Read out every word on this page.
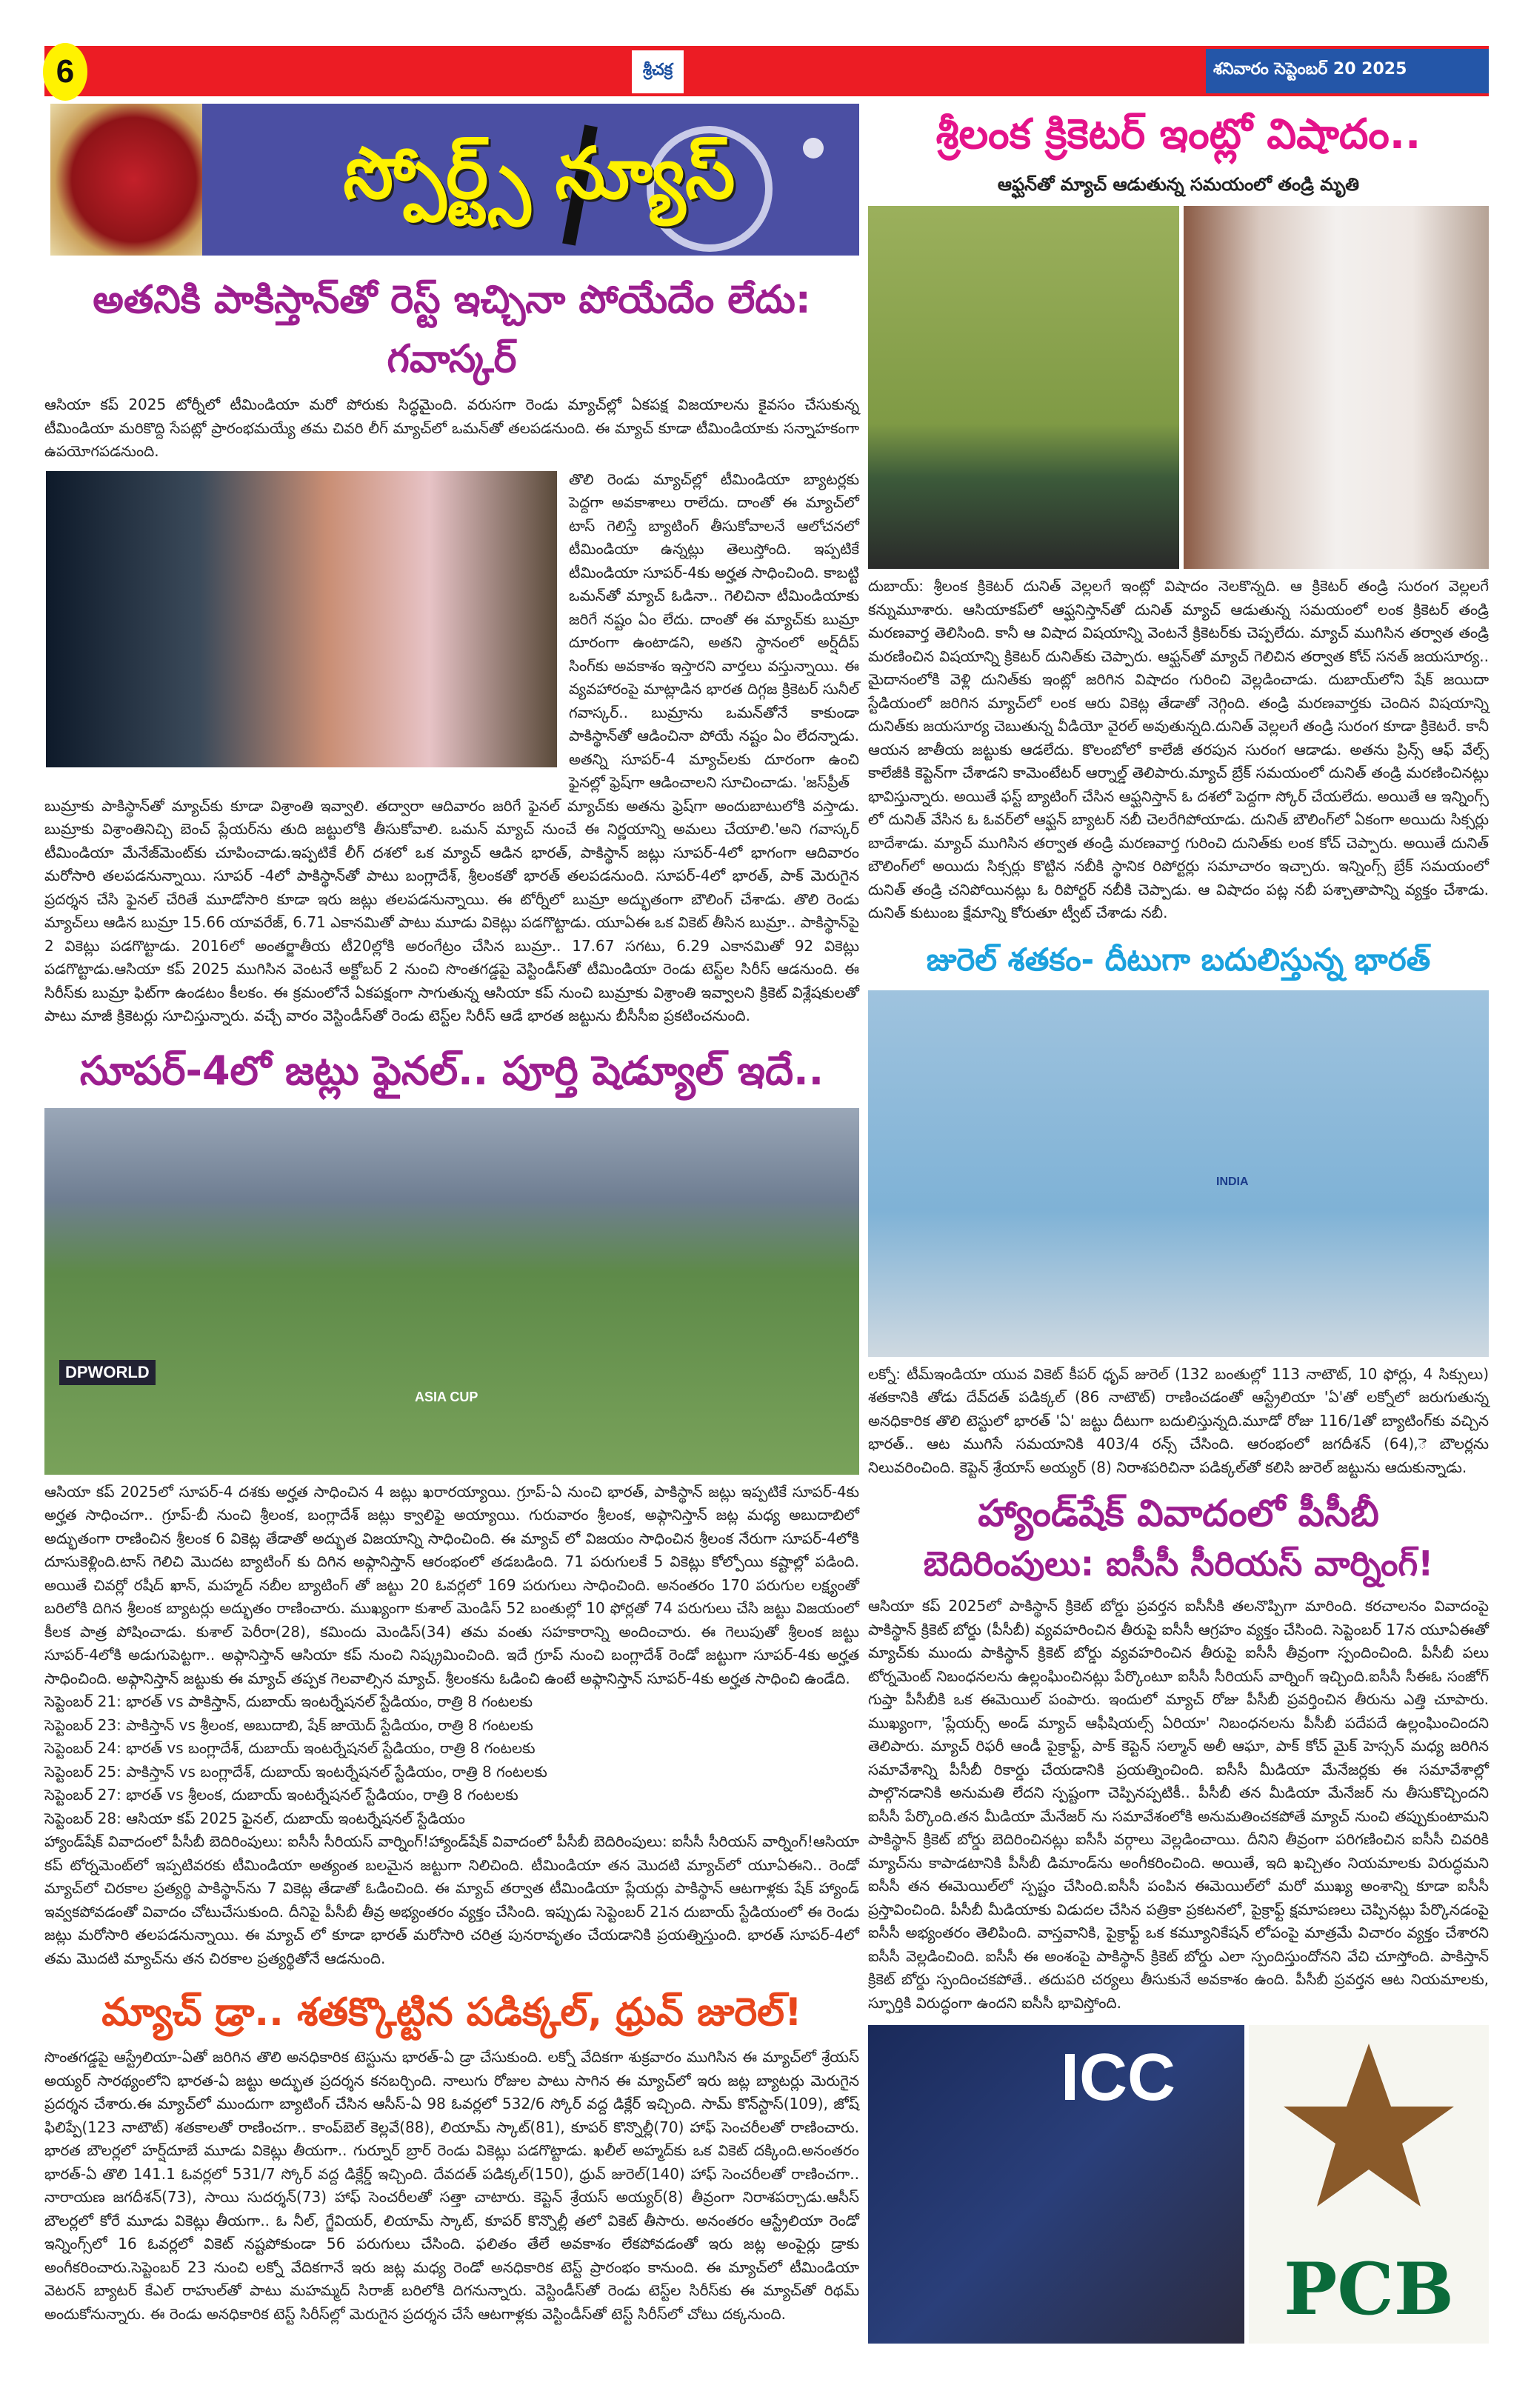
6	శ్రీచక్ర	శనివారం సెప్టెంబర్ 20 2025
స్పోర్ట్స్ న్యూస్
అతనికి పాకిస్తాన్‌తో రెస్ట్ ఇచ్చినా పోయేదేం లేదు: గవాస్కర్

ఆసియా కప్ 2025 టోర్నీలో టీమిండియా మరో పోరుకు సిద్ధమైంది. వరుసగా రెండు మ్యాచ్‌ల్లో ఏకపక్ష విజయాలను కైవసం చేసుకున్న టీమిండియా మరికొద్ది సేపట్లో ప్రారంభమయ్యే తమ చివరి లీగ్ మ్యాచ్‌లో ఒమన్‌తో తలపడనుంది. ఈ మ్యాచ్ కూడా టీమిండియాకు సన్నాహకంగా ఉపయోగపడనుంది.

తొలి రెండు మ్యాచ్‌ల్లో టీమిండియా బ్యాటర్లకు పెద్దగా అవకాశాలు రాలేదు. దాంతో ఈ మ్యాచ్‌లో టాస్ గెలిస్తే బ్యాటింగ్ తీసుకోవాలనే ఆలోచనలో టీమిండియా ఉన్నట్లు తెలుస్తోంది. ఇప్పటికే టీమిండియా సూపర్-4కు అర్హత సాధించింది. కాబట్టి ఒమన్‌తో మ్యాచ్ ఓడినా.. గెలిచినా టీమిండియాకు జరిగే నష్టం ఏం లేదు. దాంతో ఈ మ్యాచ్‌కు బుమ్రా దూరంగా ఉంటాడని, అతని స్థానంలో అర్ష్‌దీప్ సింగ్‌కు అవకాశం ఇస్తారని వార్తలు వస్తున్నాయి. ఈ వ్యవహారంపై మాట్లాడిన భారత దిగ్గజ క్రికెటర్ సునీల్ గవాస్కర్.. బుమ్రాను ఒమన్‌తోనే కాకుండా పాకిస్థాన్‌తో ఆడించినా పోయే నష్టం ఏం లేదన్నాడు. అతన్ని సూపర్-4 మ్యాచ్‌లకు దూరంగా ఉంచి ఫైనల్లో ఫ్రెష్‌గా ఆడించాలని సూచించాడు. 'జస్‌ప్రీత్

బుమ్రాకు పాకిస్థాన్‌తో మ్యాచ్‌కు కూడా విశ్రాంతి ఇవ్వాలి. తద్వారా ఆదివారం జరిగే ఫైనల్ మ్యాచ్‌కు అతను ఫ్రెష్‌గా అందుబాటులోకి వస్తాడు. బుమ్రాకు విశ్రాంతినిచ్చి బెంచ్ ప్లేయర్‌ను తుది జట్టులోకి తీసుకోవాలి. ఒమన్ మ్యాచ్ నుంచే ఈ నిర్ణయాన్ని అమలు చేయాలి.'అని గవాస్కర్ టీమిండియా మేనేజ్‌మెంట్‌కు చూపించాడు.ఇప్పటికే లీగ్ దశలో ఒక మ్యాచ్ ఆడిన భారత్, పాకిస్థాన్ జట్లు సూపర్-4లో భాగంగా ఆదివారం మరోసారి తలపడనున్నాయి. సూపర్ -4లో పాకిస్థాన్‌తో పాటు బంగ్లాదేశ్, శ్రీలంకతో భారత్ తలపడనుంది. సూపర్-4లో భారత్, పాక్ మెరుగైన ప్రదర్శన చేసి ఫైనల్ చేరితే మూడోసారి కూడా ఇరు జట్లు తలపడనున్నాయి. ఈ టోర్నీలో బుమ్రా అద్భుతంగా బౌలింగ్ చేశాడు. తొలి రెండు మ్యాచ్‌లు ఆడిన బుమ్రా 15.66 యావరేజ్, 6.71 ఎకానమితో పాటు మూడు వికెట్లు పడగొట్టాడు. యూఏఈ ఒక వికెట్ తీసిన బుమ్రా.. పాకిస్థాన్‌పై 2 వికెట్లు పడగొట్టాడు. 2016లో అంతర్జాతీయ టీ20ల్లోకి అరంగేట్రం చేసిన బుమ్రా.. 17.67 సగటు, 6.29 ఎకానమితో 92 వికెట్లు పడగొట్టాడు.ఆసియా కప్ 2025 ముగిసిన వెంటనే అక్టోబర్ 2 నుంచి సొంతగడ్డపై వెస్టిండీస్‌తో టీమిండియా రెండు టెస్ట్‌ల సిరీస్ ఆడనుంది. ఈ సిరీస్‌కు బుమ్రా ఫిట్‌గా ఉండటం కీలకం. ఈ క్రమంలోనే ఏకపక్షంగా సాగుతున్న ఆసియా కప్ నుంచి బుమ్రాకు విశ్రాంతి ఇవ్వాలని క్రికెట్ విశ్లేషకులతో పాటు మాజీ క్రికెటర్లు సూచిస్తున్నారు. వచ్చే వారం వెస్టిండీస్‌తో రెండు టెస్ట్‌ల సిరీస్ ఆడే భారత జట్టును బీసీసీఐ ప్రకటించనుంది.

సూపర్-4లో జట్లు ఫైనల్.. పూర్తి షెడ్యూల్ ఇదే..
DPWORLD
ASIA CUP

ఆసియా కప్ 2025లో సూపర్-4 దశకు అర్హత సాధించిన 4 జట్లు ఖరారయ్యాయి. గ్రూప్-ఏ నుంచి భారత్, పాకిస్థాన్ జట్లు ఇప్పటికే సూపర్-4కు అర్హత సాధించగా.. గ్రూప్-బీ నుంచి శ్రీలంక, బంగ్లాదేశ్ జట్లు క్వాలిఫై అయ్యాయి. గురువారం శ్రీలంక, అఫ్గానిస్తాన్ జట్ల మధ్య అబుదాబిలో అద్భుతంగా రాణించిన శ్రీలంక 6 వికెట్ల తేడాతో అద్భుత విజయాన్ని సాధించింది. ఈ మ్యాచ్ లో విజయం సాధించిన శ్రీలంక నేరుగా సూపర్-4లోకి దూసుకెళ్లింది.టాస్ గెలిచి మొదట బ్యాటింగ్ కు దిగిన అఫ్గానిస్తాన్ ఆరంభంలో తడబడింది. 71 పరుగులకే 5 వికెట్లు కోల్పోయి కష్టాల్లో పడింది. అయితే చివర్లో రషీద్ ఖాన్, మహ్మద్ నబీల బ్యాటింగ్ తో జట్టు 20 ఓవర్లలో 169 పరుగులు సాధించింది. అనంతరం 170 పరుగుల లక్ష్యంతో బరిలోకి దిగిన శ్రీలంక బ్యాటర్లు అద్భుతం రాణించారు. ముఖ్యంగా కుశాల్ మెండిస్ 52 బంతుల్లో 10 ఫోర్లతో 74 పరుగులు చేసి జట్టు విజయంలో కీలక పాత్ర పోషించాడు. కుశాల్ పెరీరా(28), కమిందు మెండిస్(34) తమ వంతు సహకారాన్ని అందించారు. ఈ గెలుపుతో శ్రీలంక జట్టు సూపర్-4లోకి అడుగుపెట్టగా.. అఫ్గానిస్తాన్ ఆసియా కప్ నుంచి నిష్క్రమించింది. ఇదే గ్రూప్ నుంచి బంగ్లాదేశ్ రెండో జట్టుగా సూపర్-4కు అర్హత సాధించింది. అఫ్గానిస్తాన్ జట్టుకు ఈ మ్యాచ్ తప్పక గెలవాల్సిన మ్యాచ్. శ్రీలంకను ఓడించి ఉంటే అఫ్గానిస్తాన్ సూపర్-4కు అర్హత సాధించి ఉండేది.

సెప్టెంబర్ 21: భారత్ vs పాకిస్తాన్, దుబాయ్ ఇంటర్నేషనల్ స్టేడియం, రాత్రి 8 గంటలకు

సెప్టెంబర్ 23: పాకిస్తాన్ vs శ్రీలంక, అబుదాబి, షేక్ జాయెద్ స్టేడియం, రాత్రి 8 గంటలకు

సెప్టెంబర్ 24: భారత్ vs బంగ్లాదేశ్, దుబాయ్ ఇంటర్నేషనల్ స్టేడియం, రాత్రి 8 గంటలకు

సెప్టెంబర్ 25: పాకిస్తాన్ vs బంగ్లాదేశ్, దుబాయ్ ఇంటర్నేషనల్ స్టేడియం, రాత్రి 8 గంటలకు

సెప్టెంబర్ 27: భారత్ vs శ్రీలంక, దుబాయ్ ఇంటర్నేషనల్ స్టేడియం, రాత్రి 8 గంటలకు

సెప్టెంబర్ 28: ఆసియా కప్ 2025 ఫైనల్, దుబాయ్ ఇంటర్నేషనల్ స్టేడియం

హ్యాండ్‌షేక్ వివాదంలో పీసీబీ బెదిరింపులు: ఐసీసీ సీరియస్ వార్నింగ్!హ్యాండ్‌షేక్ వివాదంలో పీసీబీ బెదిరింపులు: ఐసీసీ సీరియస్ వార్నింగ్!ఆసియా కప్ టోర్నమెంట్‌లో ఇప్పటివరకు టీమిండియా అత్యంత బలమైన జట్టుగా నిలిచింది. టీమిండియా తన మొదటి మ్యాచ్‌లో యూఏఈని.. రెండో మ్యాచ్‌లో చిరకాల ప్రత్యర్థి పాకిస్థాన్‌ను 7 వికెట్ల తేడాతో ఓడించింది. ఈ మ్యాచ్ తర్వాత టీమిండియా ప్లేయర్లు పాకిస్థాన్ ఆటగాళ్లకు షేక్ హ్యాండ్ ఇవ్వకపోవడంతో వివాదం చోటుచేసుకుంది. దీనిపై పీసీబీ తీవ్ర అభ్యంతరం వ్యక్తం చేసింది. ఇప్పుడు సెప్టెంబర్ 21న దుబాయ్ స్టేడియంలో ఈ రెండు జట్లు మరోసారి తలపడనున్నాయి. ఈ మ్యాచ్ లో కూడా భారత్ మరోసారి చరిత్ర పునరావృతం చేయడానికి ప్రయత్నిస్తుంది. భారత్ సూపర్-4లో తమ మొదటి మ్యాచ్‌ను తన చిరకాల ప్రత్యర్థితోనే ఆడనుంది.

మ్యాచ్ డ్రా.. శతక్కొట్టిన పడిక్కల్, ధ్రువ్ జురెల్!

సొంతగడ్డపై ఆస్ట్రేలియా-ఏతో జరిగిన తొలి అనధికారిక టెస్టును భారత్-ఏ డ్రా చేసుకుంది. లక్నో వేదికగా శుక్రవారం ముగిసిన ఈ మ్యాచ్‌లో శ్రేయస్ అయ్యర్ సారథ్యంలోని భారత-ఏ జట్టు అద్భుత ప్రదర్శన కనబర్చింది. నాలుగు రోజుల పాటు సాగిన ఈ మ్యాచ్‌లో ఇరు జట్ల బ్యాటర్లు మెరుగైన ప్రదర్శన చేశారు.ఈ మ్యాచ్‌లో ముందుగా బ్యాటింగ్ చేసిన ఆసీస్-ఏ 98 ఓవర్లలో 532/6 స్కోర్ వద్ద డిక్లేర్ ఇచ్చింది. సామ్ కొన్‌స్టాస్(109), జోష్ ఫిలిప్పే(123 నాటౌట్) శతకాలతో రాణించగా.. కాంప్‌బెల్ కెల్లవే(88), లియామ్ స్కాట్(81), కూపర్ కొన్నొల్లీ(70) హాఫ్ సెంచరీలతో రాణించారు. భారత బౌలర్లలో హర్ష్‌దూబే మూడు వికెట్లు తీయగా.. గుర్నూర్ బ్రార్ రెండు వికెట్లు పడగొట్టాడు. ఖలీల్ అహ్మద్‌కు ఒక వికెట్ దక్కింది.అనంతరం భారత్-ఏ తొలి 141.1 ఓవర్లలో 531/7 స్కోర్ వద్ద డిక్లేర్డ్ ఇచ్చింది. దేవదత్ పడిక్కల్(150), ధ్రువ్ జురెల్(140) హాఫ్ సెంచరీలతో రాణించగా.. నారాయణ జగదీశన్(73), సాయి సుదర్శన్(73) హాఫ్ సెంచరీలతో సత్తా చాటారు. కెప్టెన్ శ్రేయస్ అయ్యర్(8) తీవ్రంగా నిరాశపర్చాడు.ఆసీస్ బౌలర్లలో కోరే మూడు వికెట్లు తీయగా.. ఓ నీల్, గ్జేవియర్, లియామ్ స్కాట్, కూపర్ కొన్నొల్లీ తలో వికెట్ తీసారు. అనంతరం ఆస్ట్రేలియా రెండో ఇన్నింగ్స్‌లో 16 ఓవర్లలో వికెట్ నష్టపోకుండా 56 పరుగులు చేసింది. ఫలితం తేలే అవకాశం లేకపోవడంతో ఇరు జట్ల అంపైర్లు డ్రాకు అంగీకరించారు.సెప్టెంబర్ 23 నుంచి లక్నో వేదికగానే ఇరు జట్ల మధ్య రెండో అనధికారిక టెస్ట్ ప్రారంభం కానుంది. ఈ మ్యాచ్‌లో టీమిండియా వెటరన్ బ్యాటర్ కేఎల్ రాహుల్‌తో పాటు మహమ్మద్ సిరాజ్ బరిలోకి దిగనున్నారు. వెస్టిండీస్‌తో రెండు టెస్ట్‌ల సిరీస్‌కు ఈ మ్యాచ్‌తో రిథమ్ అందుకోనున్నారు. ఈ రెండు అనధికారిక టెస్ట్ సిరీస్‌ల్లో మెరుగైన ప్రదర్శన చేసే ఆటగాళ్లకు వెస్టిండీస్‌తో టెస్ట్ సిరీస్‌లో చోటు దక్కనుంది.

శ్రీలంక క్రికెటర్ ఇంట్లో విషాదం..
ఆఫ్ఘన్‌తో మ్యాచ్ ఆడుతున్న సమయంలో తండ్రి మృతి

దుబాయ్: శ్రీలంక క్రికెటర్ దునిత్ వెల్లలగే ఇంట్లో విషాదం నెలకొన్నది. ఆ క్రికెటర్ తండ్రి సురంగ వెల్లలగే కన్నుమూశారు. ఆసియాకప్‌లో ఆఫ్ఘనిస్తాన్‌తో దునిత్ మ్యాచ్ ఆడుతున్న సమయంలో లంక క్రికెటర్ తండ్రి మరణవార్త తెలిసింది. కానీ ఆ విషాద విషయాన్ని వెంటనే క్రికెటర్‌కు చెప్పలేదు. మ్యాచ్ ముగిసిన తర్వాత తండ్రి మరణించిన విషయాన్ని క్రికెటర్ దునిత్‌కు చెప్పారు. ఆఫ్ఘన్‌తో మ్యాచ్ గెలిచిన తర్వాత కోచ్ సనత్ జయసూర్య.. మైదానంలోకి వెళ్లి దునిత్‌కు ఇంట్లో జరిగిన విషాదం గురించి వెల్లడించాడు. దుబాయ్‌లోని షేక్ జయిదా స్టేడియంలో జరిగిన మ్యాచ్‌లో లంక ఆరు వికెట్ల తేడాతో నెగ్గింది. తండ్రి మరణవార్తకు చెందిన విషయాన్ని దునిత్‌కు జయసూర్య చెబుతున్న వీడియో వైరల్ అవుతున్నది.దునిత్ వెల్లలగే తండ్రి సురంగ కూడా క్రికెటరే. కానీ ఆయన జాతీయ జట్టుకు ఆడలేదు. కొలంబోలో కాలేజీ తరపున సురంగ ఆడాడు. అతను ప్రిన్స్ ఆఫ్ వేల్స్ కాలేజీకి కెప్టెన్‌గా చేశాడని కామెంటేటర్ ఆర్నాల్డ్ తెలిపారు.మ్యాచ్ బ్రేక్ సమయంలో దునిత్ తండ్రి మరణించినట్లు భావిస్తున్నారు. అయితే ఫస్ట్ బ్యాటింగ్ చేసిన ఆఫ్ఘనిస్తాన్ ఓ దశలో పెద్దగా స్కోర్ చేయలేదు. అయితే ఆ ఇన్నింగ్స్ లో దునిత్ వేసిన ఓ ఓవర్‌లో ఆఫ్ఘన్ బ్యాటర్ నబీ చెలరేగిపోయాడు. దునిత్ బౌలింగ్‌లో ఏకంగా అయిదు సిక్సర్లు బాదేశాడు. మ్యాచ్ ముగిసిన తర్వాత తండ్రి మరణవార్త గురించి దునిత్‌కు లంక కోచ్ చెప్పారు. అయితే దునిత్ బౌలింగ్‌లో అయిదు సిక్సర్లు కొట్టిన నబీకి స్థానిక రిపోర్టర్లు సమాచారం ఇచ్చారు. ఇన్నింగ్స్ బ్రేక్ సమయంలో దునిత్ తండ్రి చనిపోయినట్లు ఓ రిపోర్టర్ నబీకి చెప్పాడు. ఆ విషాదం పట్ల నబీ పశ్చాతాపాన్ని వ్యక్తం చేశాడు. దునిత్ కుటుంబ క్షేమాన్ని కోరుతూ ట్వీట్ చేశాడు నబీ.

జురెల్ శతకం- దీటుగా బదులిస్తున్న భారత్
INDIA

లక్నో: టీమ్ఇండియా యువ వికెట్ కీపర్ ధృవ్ జురెల్ (132 బంతుల్లో 113 నాటౌట్, 10 ఫోర్లు, 4 సిక్సులు) శతకానికి తోడు దేవ్‌దత్ పడిక్కల్ (86 నాటౌట్) రాణించడంతో ఆస్ట్రేలియా 'ఏ'తో లక్నోలో జరుగుతున్న అనధికారిక తొలి టెస్టులో భారత్ 'ఏ' జట్టు దీటుగా బదులిస్తున్నది.మూడో రోజు 116/1తో బ్యాటింగ్‌కు వచ్చిన భారత్.. ఆట ముగిసే సమయానికి 403/4 రన్స్ చేసింది. ఆరంభంలో జగదీశన్ (64),ె బౌలర్లను నిలువరించింది. కెప్టెన్ శ్రేయాస్ అయ్యర్ (8) నిరాశపరిచినా పడిక్కల్‌తో కలిసి జురెల్ జట్టును ఆదుకున్నాడు.

హ్యాండ్‌షేక్ వివాదంలో పీసీబీ
బెదిరింపులు: ఐసీసీ సీరియస్ వార్నింగ్!

ఆసియా కప్ 2025లో పాకిస్థాన్ క్రికెట్ బోర్డు ప్రవర్తన ఐసీసీకి తలనొప్పిగా మారింది. కరచాలనం వివాదంపై పాకిస్థాన్ క్రికెట్ బోర్డు (పీసీబీ) వ్యవహరించిన తీరుపై ఐసీసీ ఆగ్రహం వ్యక్తం చేసింది. సెప్టెంబర్ 17న యూఏఈతో మ్యాచ్‌కు ముందు పాకిస్థాన్ క్రికెట్ బోర్డు వ్యవహరించిన తీరుపై ఐసీసీ తీవ్రంగా స్పందించింది. పీసీబీ పలు టోర్నమెంట్ నిబంధనలను ఉల్లంఘించినట్లు పేర్కొంటూ ఐసీసీ సీరియస్ వార్నింగ్ ఇచ్చింది.ఐసీసీ సీఈఓ సంజోగ్ గుప్తా పీసీబీకి ఒక ఈమెయిల్ పంపారు. ఇందులో మ్యాచ్ రోజు పీసీబీ ప్రవర్తించిన తీరును ఎత్తి చూపారు. ముఖ్యంగా, 'ప్లేయర్స్ అండ్ మ్యాచ్ ఆఫీషియల్స్ ఏరియా' నిబంధనలను పీసీబీ పదేపదే ఉల్లంఘించిందని తెలిపారు. మ్యాచ్ రిఫరీ ఆండీ పైక్రాఫ్ట్, పాక్ కెప్టెన్ సల్మాన్ అలీ ఆఘా, పాక్ కోచ్ మైక్ హెస్సన్ మధ్య జరిగిన సమావేశాన్ని పీసీబీ రికార్డు చేయడానికి ప్రయత్నించింది. ఐసీసీ మీడియా మేనేజర్లకు ఈ సమావేశాల్లో పాల్గొనడానికి అనుమతి లేదని స్పష్టంగా చెప్పినప్పటికీ.. పీసీబీ తన మీడియా మేనేజర్ ను తీసుకొచ్చిందని ఐసీసీ పేర్కొంది.తన మీడియా మేనేజర్ ను సమావేశంలోకి అనుమతించకపోతే మ్యాచ్ నుంచి తప్పుకుంటామని పాకిస్థాన్ క్రికెట్ బోర్డు బెదిరించినట్లు ఐసీసీ వర్గాలు వెల్లడించాయి. దీనిని తీవ్రంగా పరిగణించిన ఐసీసీ చివరికి మ్యాచ్‌ను కాపాడటానికి పీసీబీ డిమాండ్‌ను అంగీకరించింది. అయితే, ఇది ఖచ్చితం నియమాలకు విరుద్ధమని ఐసీసీ తన ఈమెయిల్‌లో స్పష్టం చేసింది.ఐసీసీ పంపిన ఈమెయిల్‌లో మరో ముఖ్య అంశాన్ని కూడా ఐసీసీ ప్రస్తావించింది. పీసీబీ మీడియాకు విడుదల చేసిన పత్రికా ప్రకటనలో, పైక్రాఫ్ట్ క్షమాపణలు చెప్పినట్లు పేర్కొనడంపై ఐసీసీ అభ్యంతరం తెలిపింది. వాస్తవానికి, పైక్రాఫ్ట్ ఒక కమ్యూనికేషన్ లోపంపై మాత్రమే విచారం వ్యక్తం చేశారని ఐసీసీ వెల్లడించింది. ఐసీసీ ఈ అంశంపై పాకిస్థాన్ క్రికెట్ బోర్డు ఎలా స్పందిస్తుందోనని వేచి చూస్తోంది. పాకిస్తాన్ క్రికెట్ బోర్డు స్పందించకపోతే.. తదుపరి చర్యలు తీసుకునే అవకాశం ఉంది. పీసీబీ ప్రవర్తన ఆట నియమాలకు, స్ఫూర్తికి విరుద్ధంగా ఉందని ఐసీసీ భావిస్తోంది.

ICC
PCB
